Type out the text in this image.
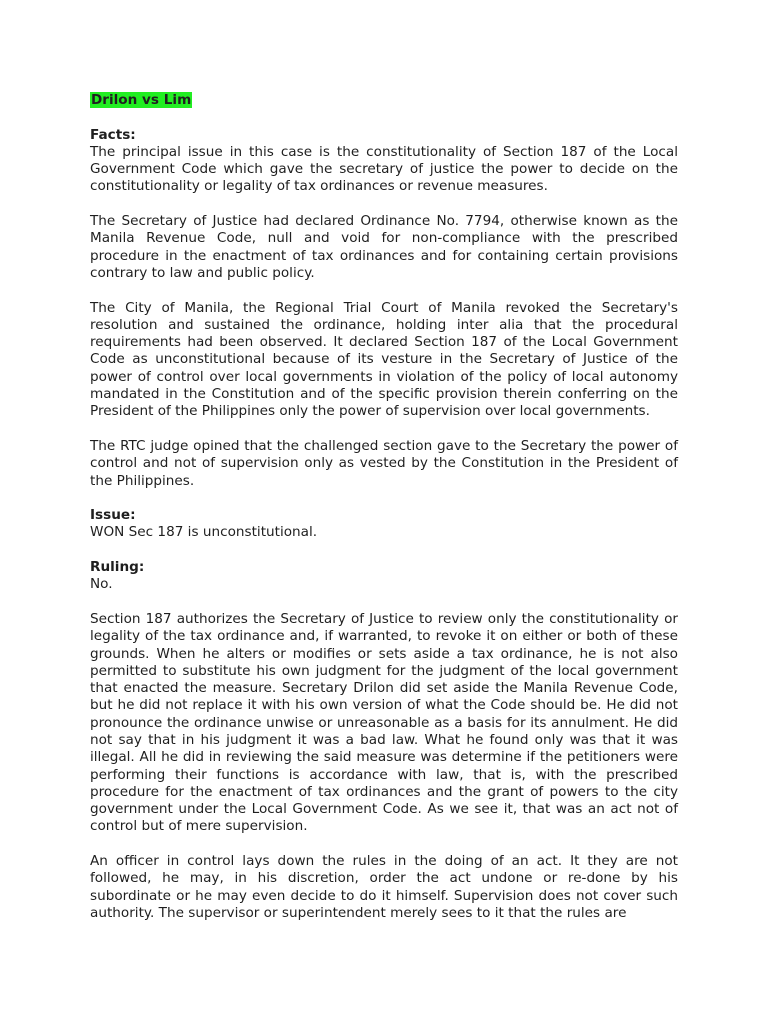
Drilon vs Lim
Facts:

The principal issue in this case is the constitutionality of Section 187 of the Local Government Code which gave the secretary of justice the power to decide on the constitutionality or legality of tax ordinances or revenue measures.

The Secretary of Justice had declared Ordinance No. 7794, otherwise known as the Manila Revenue Code, null and void for non-compliance with the prescribed procedure in the enactment of tax ordinances and for containing certain provisions contrary to law and public policy.

The City of Manila, the Regional Trial Court of Manila revoked the Secretary's resolution and sustained the ordinance, holding inter alia that the procedural requirements had been observed. It declared Section 187 of the Local Government Code as unconstitutional because of its vesture in the Secretary of Justice of the power of control over local governments in violation of the policy of local autonomy mandated in the Constitution and of the specific provision therein conferring on the President of the Philippines only the power of supervision over local governments.

The RTC judge opined that the challenged section gave to the Secretary the power of control and not of supervision only as vested by the Constitution in the President of the Philippines.

Issue:

WON Sec 187 is unconstitutional.

Ruling:

No.

Section 187 authorizes the Secretary of Justice to review only the constitutionality or legality of the tax ordinance and, if warranted, to revoke it on either or both of these grounds. When he alters or modifies or sets aside a tax ordinance, he is not also permitted to substitute his own judgment for the judgment of the local government that enacted the measure. Secretary Drilon did set aside the Manila Revenue Code, but he did not replace it with his own version of what the Code should be. He did not pronounce the ordinance unwise or unreasonable as a basis for its annulment. He did not say that in his judgment it was a bad law. What he found only was that it was illegal. All he did in reviewing the said measure was determine if the petitioners were performing their functions is accordance with law, that is, with the prescribed procedure for the enactment of tax ordinances and the grant of powers to the city government under the Local Government Code. As we see it, that was an act not of control but of mere supervision.

An officer in control lays down the rules in the doing of an act. It they are not followed, he may, in his discretion, order the act undone or re-done by his subordinate or he may even decide to do it himself. Supervision does not cover such authority. The supervisor or superintendent merely sees to it that the rules are
